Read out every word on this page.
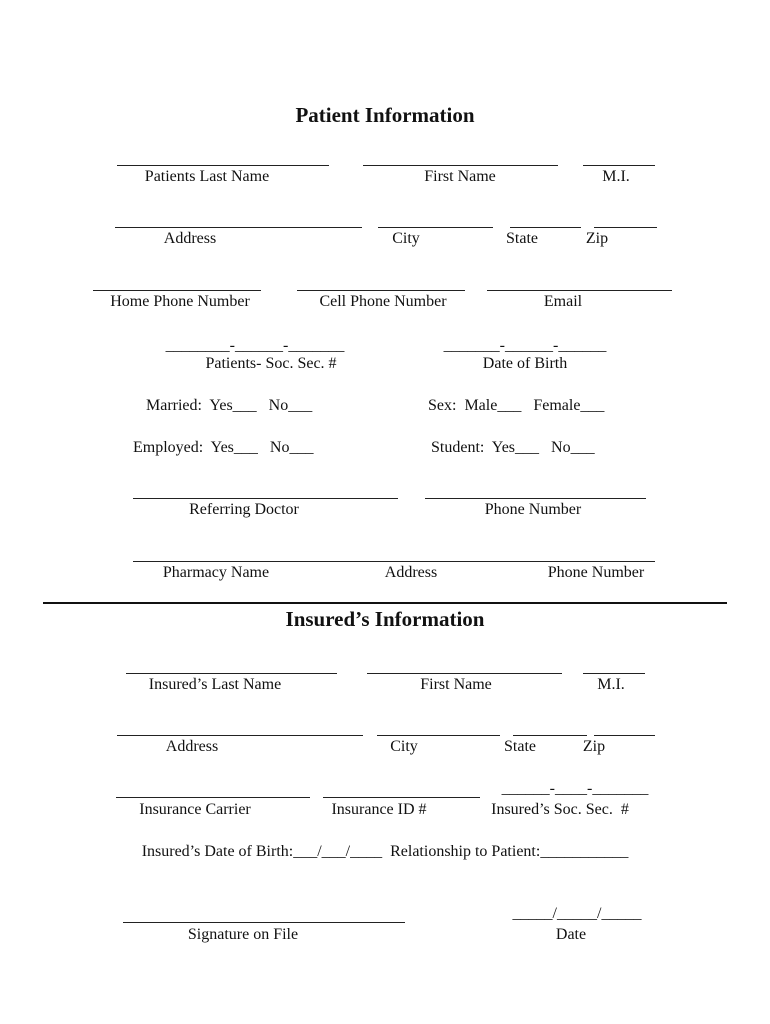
Patient Information
Patients Last Name	First Name	M.I.
Address	City	State	Zip
Home Phone Number	Cell Phone Number	Email
________-______-_______	_______-______-______
Patients- Soc. Sec. #	Date of Birth
Married:  Yes___   No___	Sex:  Male___   Female___
Employed:  Yes___   No___	Student:  Yes___   No___
Referring Doctor	Phone Number
Pharmacy Name	Address	Phone Number
Insured’s Information
Insured’s Last Name	First Name	M.I.
Address	City	State	Zip
______-____-_______
Insurance Carrier	Insurance ID #	Insured’s Soc. Sec.  #
Insured’s Date of Birth:___/___/____  Relationship to Patient:___________
_____/_____/_____
Signature on File	Date
